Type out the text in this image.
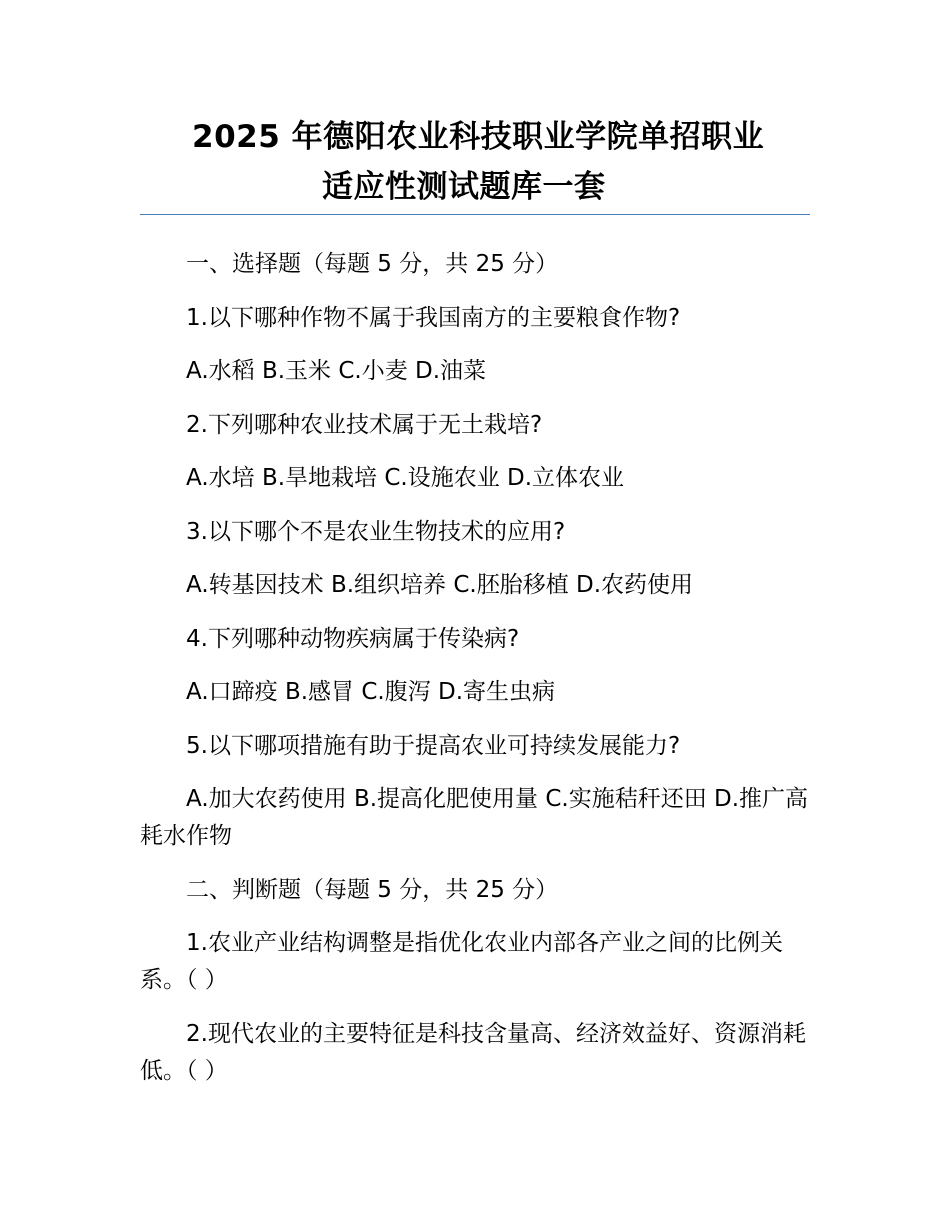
2025 年德阳农业科技职业学院单招职业
适应性测试题库一套

一、选择题（每题 5 分，共 25 分）

1.以下哪种作物不属于我国南方的主要粮食作物?

A.水稻 B.玉米 C.小麦 D.油菜

2.下列哪种农业技术属于无土栽培?

A.水培 B.旱地栽培 C.设施农业 D.立体农业

3.以下哪个不是农业生物技术的应用?

A.转基因技术 B.组织培养 C.胚胎移植 D.农药使用

4.下列哪种动物疾病属于传染病?

A.口蹄疫 B.感冒 C.腹泻 D.寄生虫病

5.以下哪项措施有助于提高农业可持续发展能力?

A.加大农药使用 B.提高化肥使用量 C.实施秸秆还田 D.推广高耗水作物

二、判断题（每题 5 分，共 25 分）

1.农业产业结构调整是指优化农业内部各产业之间的比例关系。（ ）

2.现代农业的主要特征是科技含量高、经济效益好、资源消耗低。（ ）
